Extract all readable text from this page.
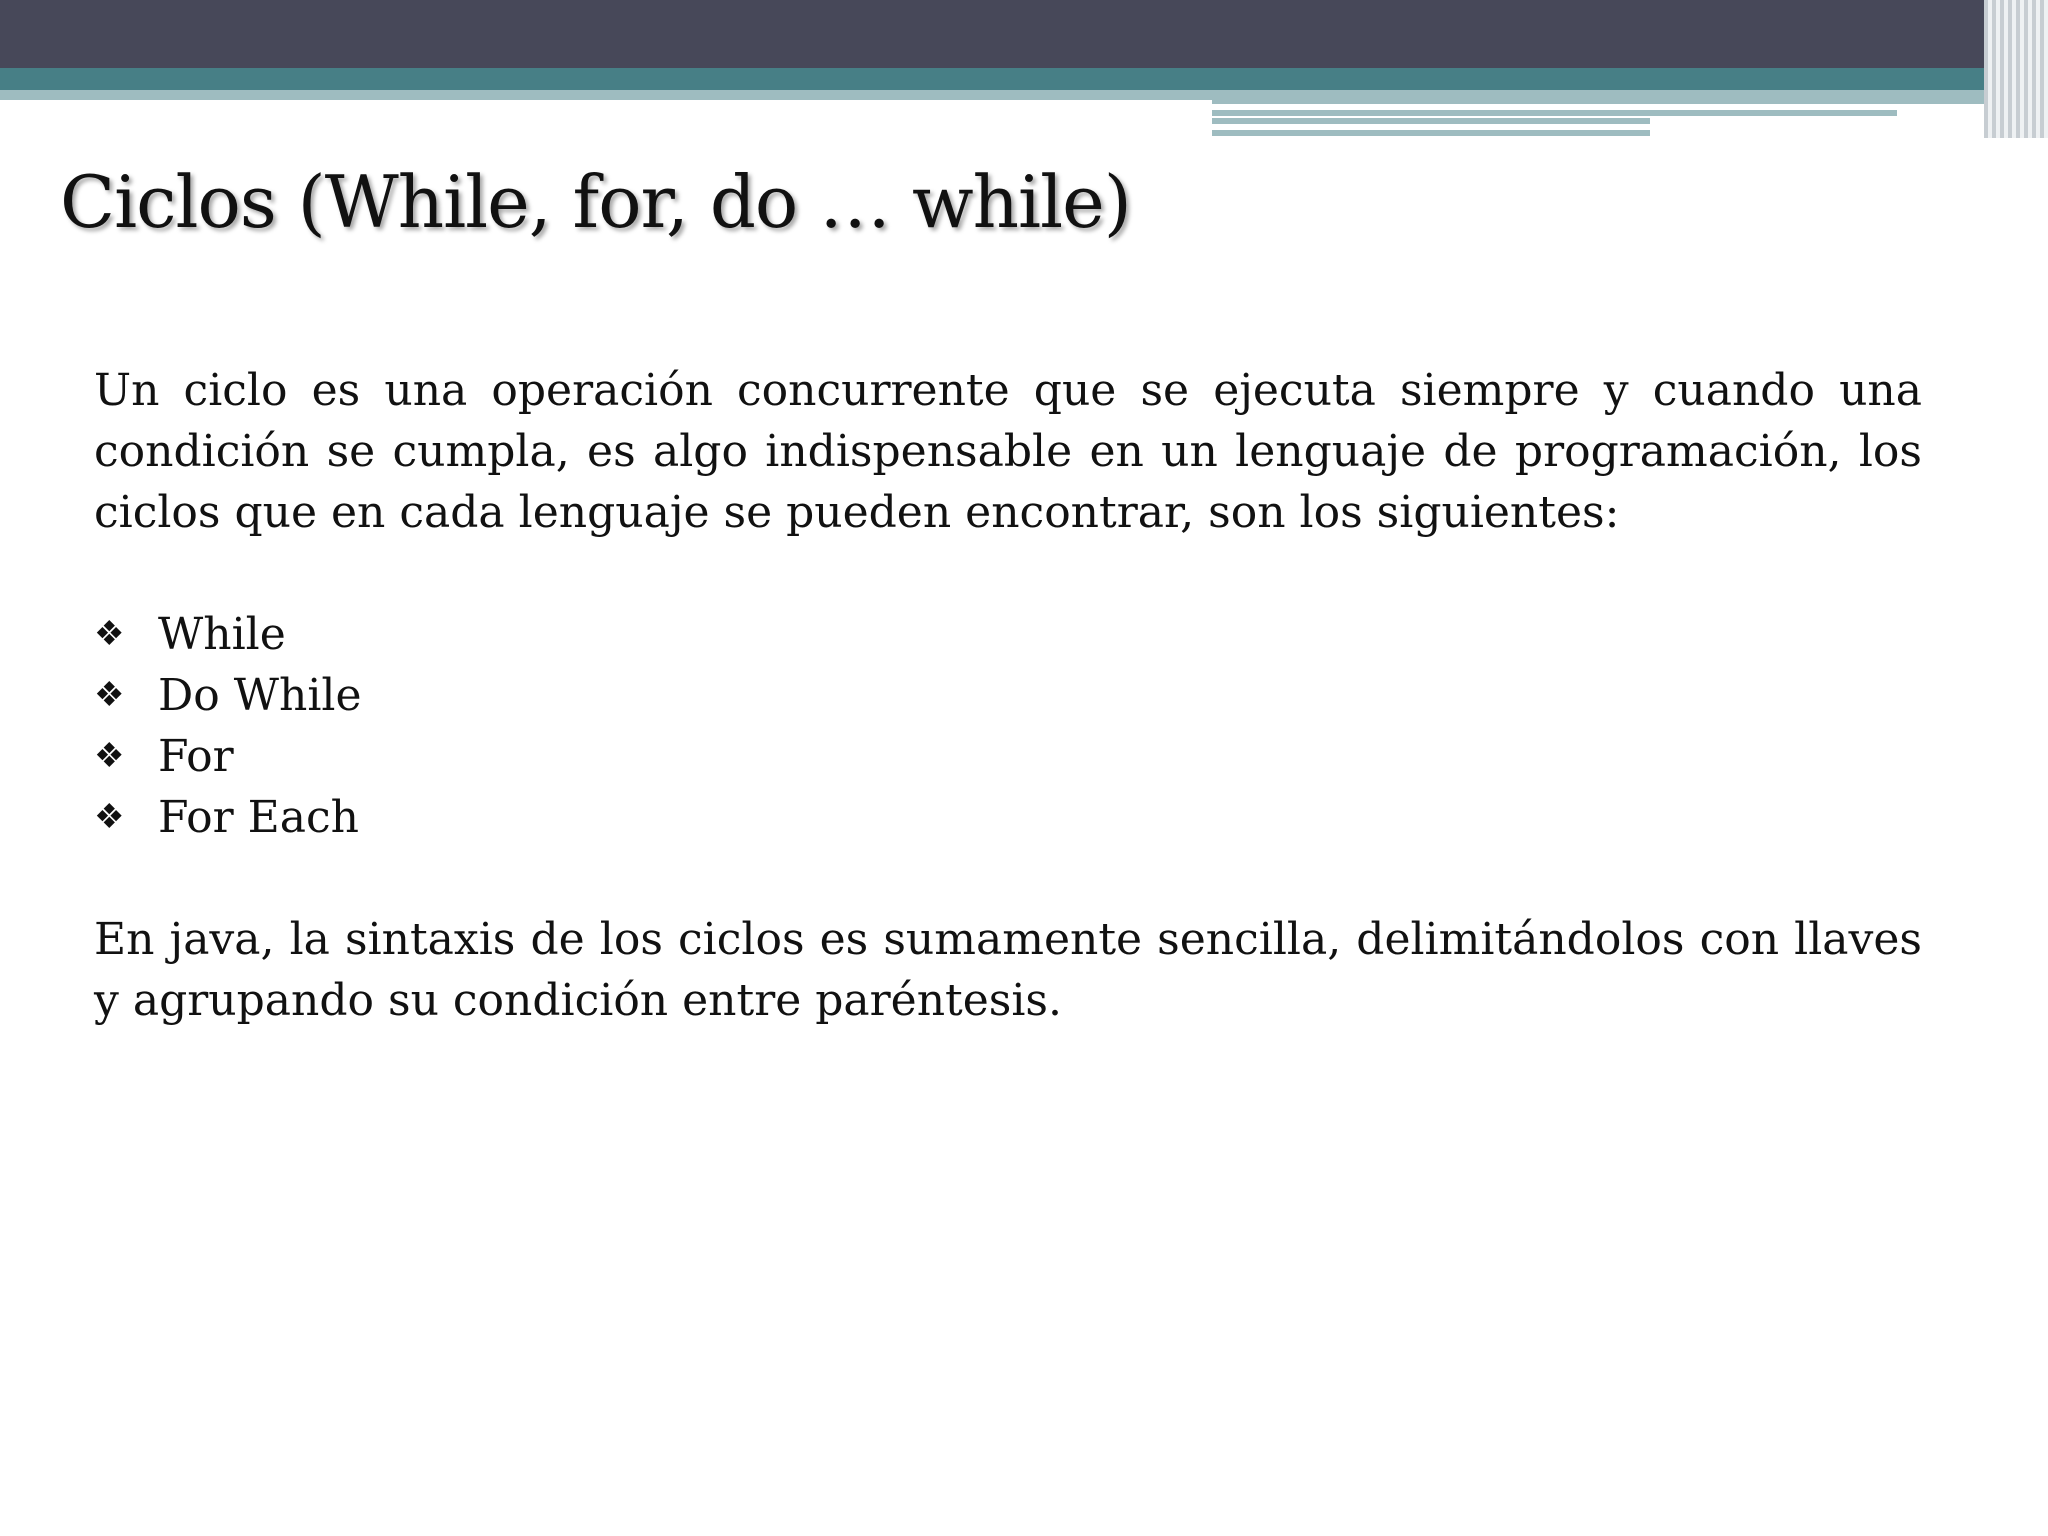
Ciclos (While, for, do … while)

Un ciclo es una operación concurrente que se ejecuta siempre y cuando una condición se cumpla, es algo indispensable en un lenguaje de programación, los ciclos que en cada lenguaje se pueden encontrar, son los siguientes:

❖ While
❖ Do While
❖ For
❖ For Each

En java, la sintaxis de los ciclos es sumamente sencilla, delimitándolos con llaves y agrupando su condición entre paréntesis.
